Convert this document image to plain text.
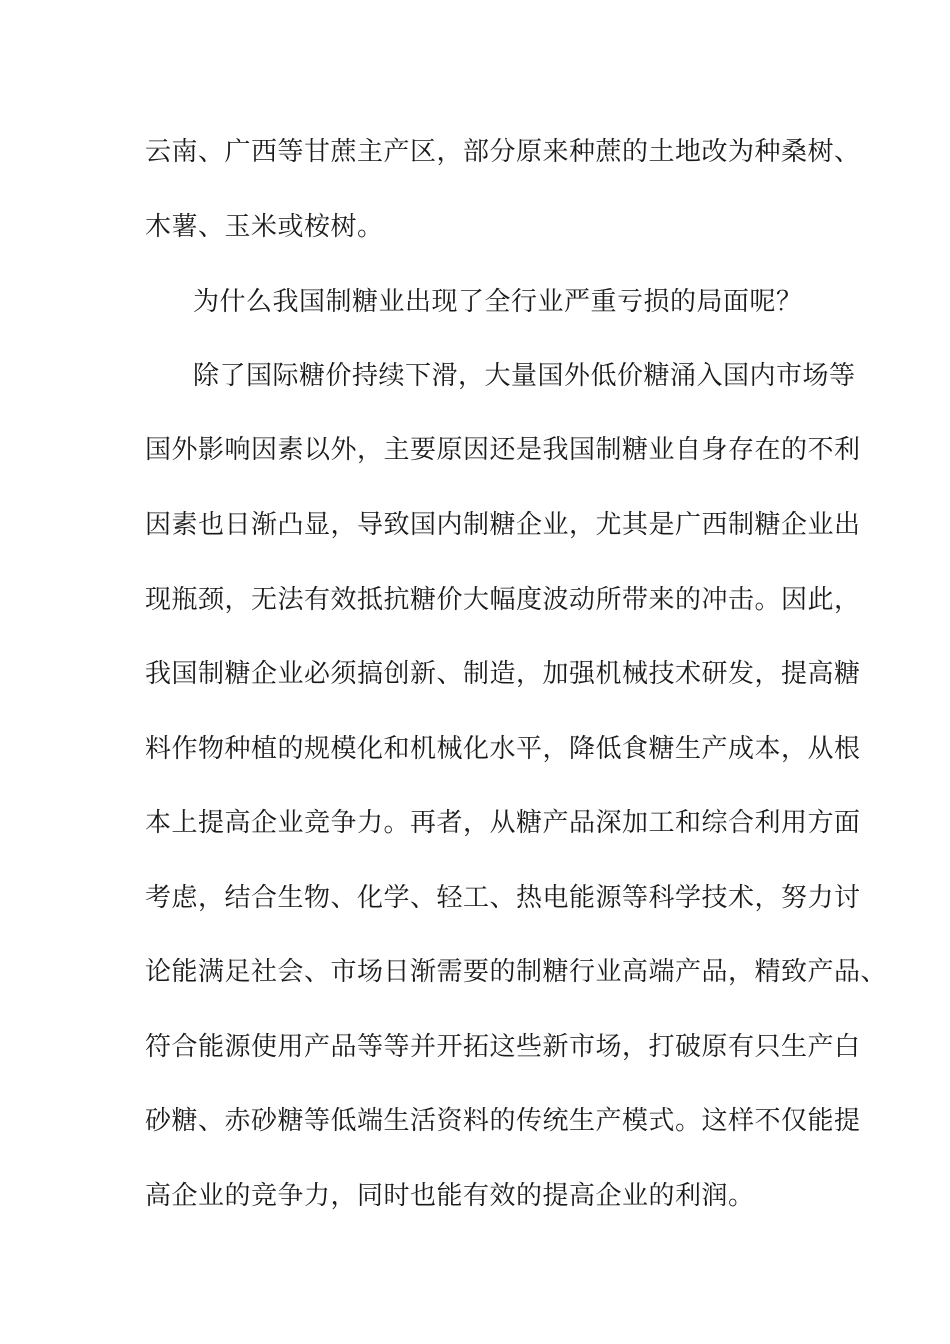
云南、广西等甘蔗主产区，部分原来种蔗的土地改为种桑树、
木薯、玉米或桉树。
为什么我国制糖业出现了全行业严重亏损的局面呢？
除了国际糖价持续下滑，大量国外低价糖涌入国内市场等
国外影响因素以外，主要原因还是我国制糖业自身存在的不利
因素也日渐凸显，导致国内制糖企业，尤其是广西制糖企业出
现瓶颈，无法有效抵抗糖价大幅度波动所带来的冲击。因此，
我国制糖企业必须搞创新、制造，加强机械技术研发，提高糖
料作物种植的规模化和机械化水平，降低食糖生产成本，从根
本上提高企业竞争力。再者，从糖产品深加工和综合利用方面
考虑，结合生物、化学、轻工、热电能源等科学技术，努力讨
论能满足社会、市场日渐需要的制糖行业高端产品，精致产品、
符合能源使用产品等等并开拓这些新市场，打破原有只生产白
砂糖、赤砂糖等低端生活资料的传统生产模式。这样不仅能提
高企业的竞争力，同时也能有效的提高企业的利润。
